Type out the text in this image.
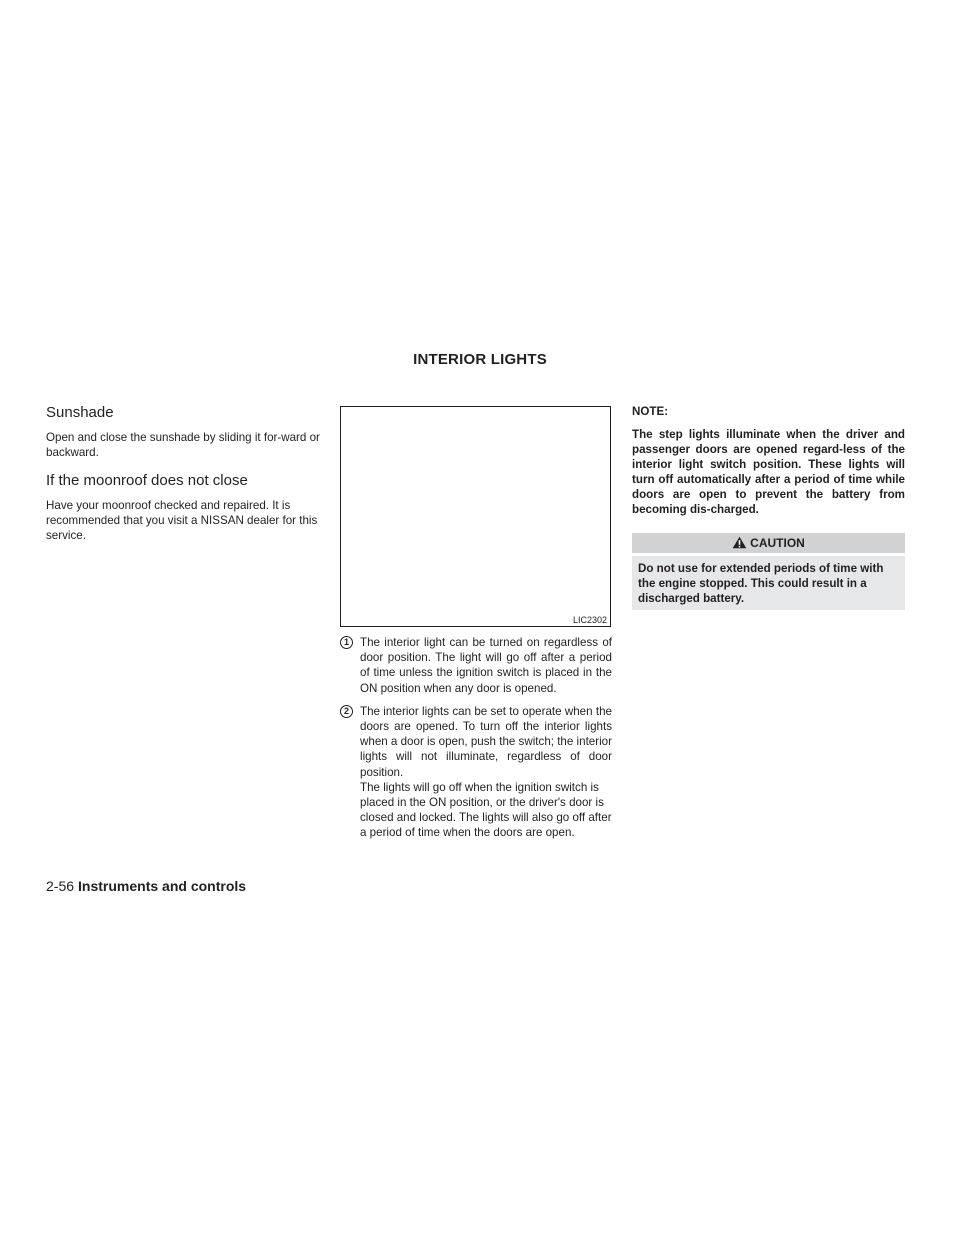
INTERIOR LIGHTS
Sunshade

Open and close the sunshade by sliding it for-ward or backward.

If the moonroof does not close

Have your moonroof checked and repaired. It is recommended that you visit a NISSAN dealer for this service.

LIC2302
1 The interior light can be turned on regardless of door position. The light will go off after a period of time unless the ignition switch is placed in the ON position when any door is opened.
2 The interior lights can be set to operate when the doors are opened. To turn off the interior lights when a door is open, push the switch; the interior lights will not illuminate, regardless of door position.
The lights will go off when the ignition switch is placed in the ON position, or the driver's door is closed and locked. The lights will also go off after a period of time when the doors are open.
NOTE:
The step lights illuminate when the driver and passenger doors are opened regard-less of the interior light switch position. These lights will turn off automatically after a period of time while doors are open to prevent the battery from becoming dis-charged.
CAUTION
Do not use for extended periods of time with the engine stopped. This could result in a discharged battery.
2-56 Instruments and controls
